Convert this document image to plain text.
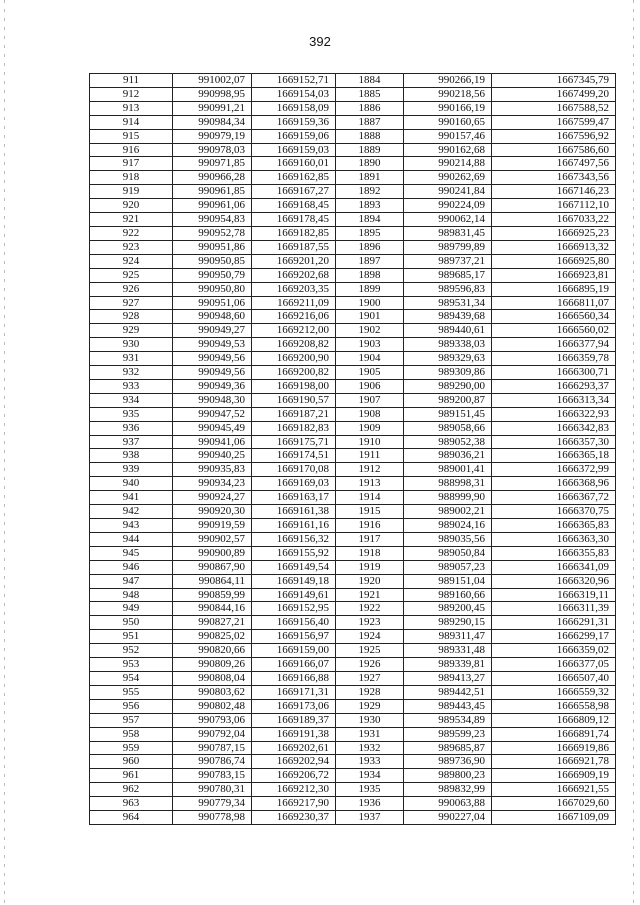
392
911	991002,07	1669152,71	1884	990266,19	1667345,79
912	990998,95	1669154,03	1885	990218,56	1667499,20
913	990991,21	1669158,09	1886	990166,19	1667588,52
914	990984,34	1669159,36	1887	990160,65	1667599,47
915	990979,19	1669159,06	1888	990157,46	1667596,92
916	990978,03	1669159,03	1889	990162,68	1667586,60
917	990971,85	1669160,01	1890	990214,88	1667497,56
918	990966,28	1669162,85	1891	990262,69	1667343,56
919	990961,85	1669167,27	1892	990241,84	1667146,23
920	990961,06	1669168,45	1893	990224,09	1667112,10
921	990954,83	1669178,45	1894	990062,14	1667033,22
922	990952,78	1669182,85	1895	989831,45	1666925,23
923	990951,86	1669187,55	1896	989799,89	1666913,32
924	990950,85	1669201,20	1897	989737,21	1666925,80
925	990950,79	1669202,68	1898	989685,17	1666923,81
926	990950,80	1669203,35	1899	989596,83	1666895,19
927	990951,06	1669211,09	1900	989531,34	1666811,07
928	990948,60	1669216,06	1901	989439,68	1666560,34
929	990949,27	1669212,00	1902	989440,61	1666560,02
930	990949,53	1669208,82	1903	989338,03	1666377,94
931	990949,56	1669200,90	1904	989329,63	1666359,78
932	990949,56	1669200,82	1905	989309,86	1666300,71
933	990949,36	1669198,00	1906	989290,00	1666293,37
934	990948,30	1669190,57	1907	989200,87	1666313,34
935	990947,52	1669187,21	1908	989151,45	1666322,93
936	990945,49	1669182,83	1909	989058,66	1666342,83
937	990941,06	1669175,71	1910	989052,38	1666357,30
938	990940,25	1669174,51	1911	989036,21	1666365,18
939	990935,83	1669170,08	1912	989001,41	1666372,99
940	990934,23	1669169,03	1913	988998,31	1666368,96
941	990924,27	1669163,17	1914	988999,90	1666367,72
942	990920,30	1669161,38	1915	989002,21	1666370,75
943	990919,59	1669161,16	1916	989024,16	1666365,83
944	990902,57	1669156,32	1917	989035,56	1666363,30
945	990900,89	1669155,92	1918	989050,84	1666355,83
946	990867,90	1669149,54	1919	989057,23	1666341,09
947	990864,11	1669149,18	1920	989151,04	1666320,96
948	990859,99	1669149,61	1921	989160,66	1666319,11
949	990844,16	1669152,95	1922	989200,45	1666311,39
950	990827,21	1669156,40	1923	989290,15	1666291,31
951	990825,02	1669156,97	1924	989311,47	1666299,17
952	990820,66	1669159,00	1925	989331,48	1666359,02
953	990809,26	1669166,07	1926	989339,81	1666377,05
954	990808,04	1669166,88	1927	989413,27	1666507,40
955	990803,62	1669171,31	1928	989442,51	1666559,32
956	990802,48	1669173,06	1929	989443,45	1666558,98
957	990793,06	1669189,37	1930	989534,89	1666809,12
958	990792,04	1669191,38	1931	989599,23	1666891,74
959	990787,15	1669202,61	1932	989685,87	1666919,86
960	990786,74	1669202,94	1933	989736,90	1666921,78
961	990783,15	1669206,72	1934	989800,23	1666909,19
962	990780,31	1669212,30	1935	989832,99	1666921,55
963	990779,34	1669217,90	1936	990063,88	1667029,60
964	990778,98	1669230,37	1937	990227,04	1667109,09
